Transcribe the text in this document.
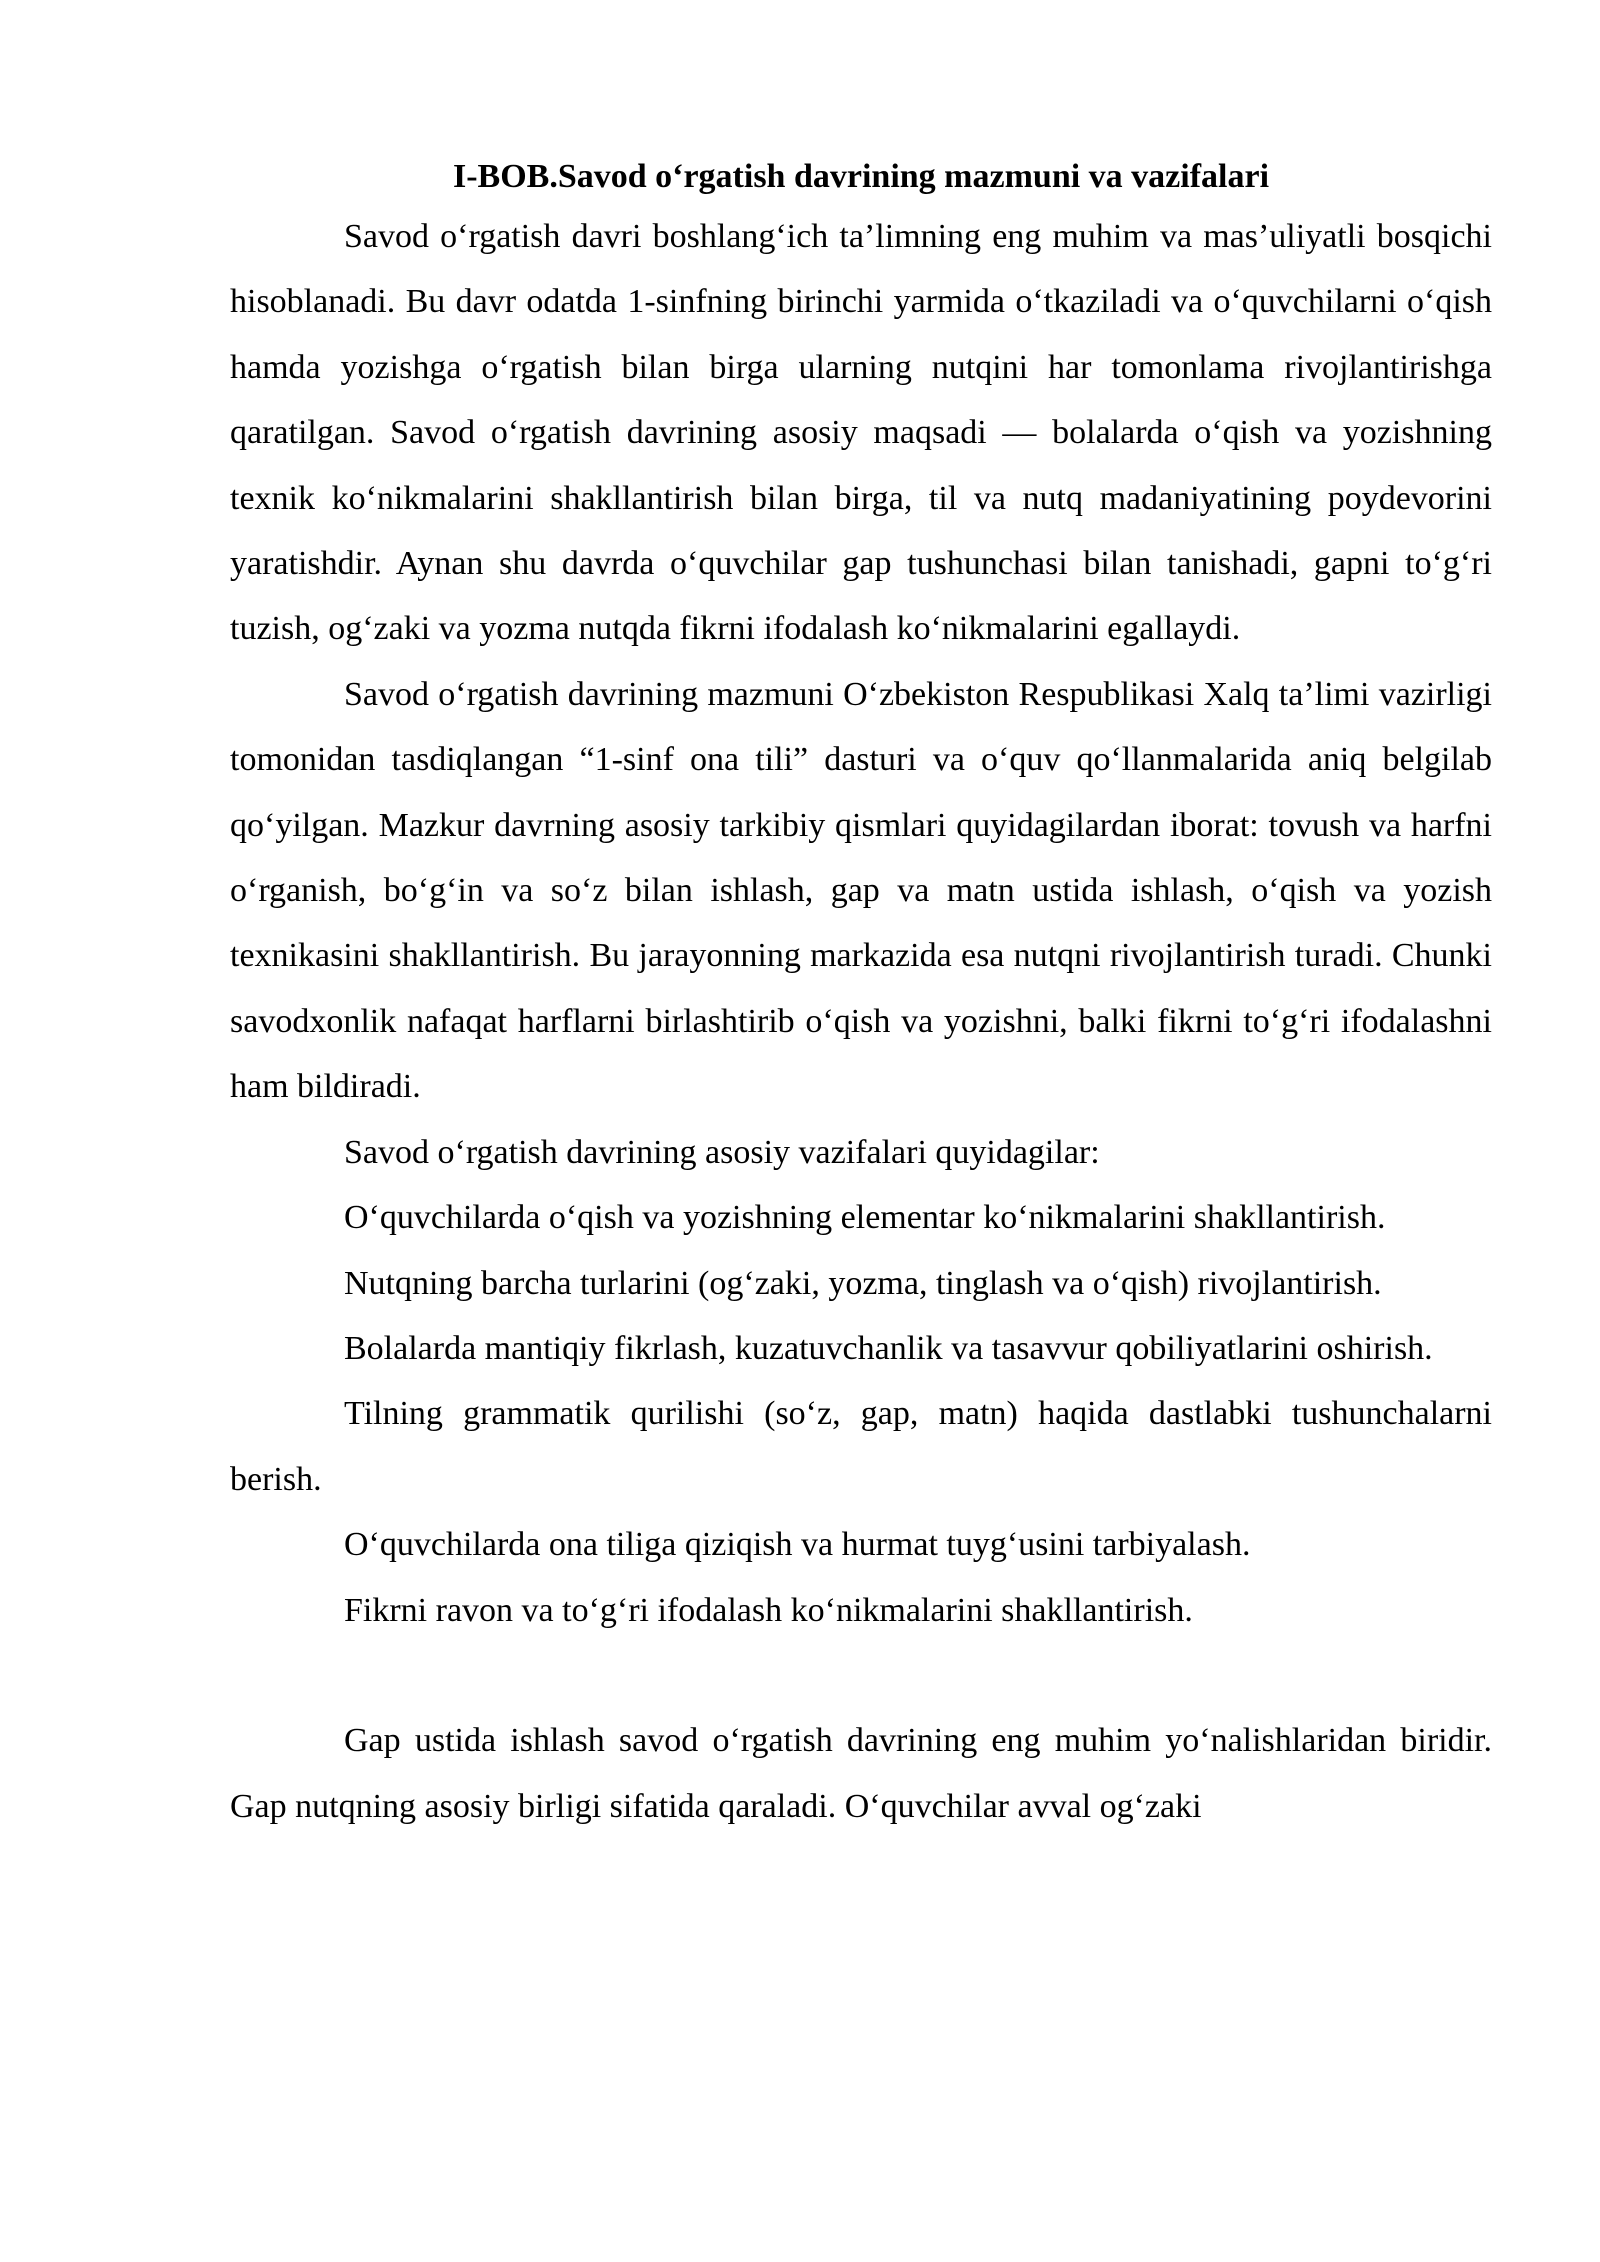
I-BOB.Savod o‘rgatish davrining mazmuni va vazifalari

Savod o‘rgatish davri boshlang‘ich ta’limning eng muhim va mas’uliyatli bosqichi hisoblanadi. Bu davr odatda 1-sinfning birinchi yarmida o‘tkaziladi va o‘quvchilarni o‘qish hamda yozishga o‘rgatish bilan birga ularning nutqini har tomonlama rivojlantirishga qaratilgan. Savod o‘rgatish davrining asosiy maqsadi — bolalarda o‘qish va yozishning texnik ko‘nikmalarini shakllantirish bilan birga, til va nutq madaniyatining poydevorini yaratishdir. Aynan shu davrda o‘quvchilar gap tushunchasi bilan tanishadi, gapni to‘g‘ri tuzish, og‘zaki va yozma nutqda fikrni ifodalash ko‘nikmalarini egallaydi.

Savod o‘rgatish davrining mazmuni O‘zbekiston Respublikasi Xalq ta’limi vazirligi tomonidan tasdiqlangan “1-sinf ona tili” dasturi va o‘quv qo‘llanmalarida aniq belgilab qo‘yilgan. Mazkur davrning asosiy tarkibiy qismlari quyidagilardan iborat: tovush va harfni o‘rganish, bo‘g‘in va so‘z bilan ishlash, gap va matn ustida ishlash, o‘qish va yozish texnikasini shakllantirish. Bu jarayonning markazida esa nutqni rivojlantirish turadi. Chunki savodxonlik nafaqat harflarni birlashtirib o‘qish va yozishni, balki fikrni to‘g‘ri ifodalashni ham bildiradi.

Savod o‘rgatish davrining asosiy vazifalari quyidagilar:

O‘quvchilarda o‘qish va yozishning elementar ko‘nikmalarini shakllantirish.

Nutqning barcha turlarini (og‘zaki, yozma, tinglash va o‘qish) rivojlantirish.

Bolalarda mantiqiy fikrlash, kuzatuvchanlik va tasavvur qobiliyatlarini oshirish.

Tilning grammatik qurilishi (so‘z, gap, matn) haqida dastlabki tushunchalarni berish.

O‘quvchilarda ona tiliga qiziqish va hurmat tuyg‘usini tarbiyalash.

Fikrni ravon va to‘g‘ri ifodalash ko‘nikmalarini shakllantirish.

Gap ustida ishlash savod o‘rgatish davrining eng muhim yo‘nalishlaridan biridir. Gap nutqning asosiy birligi sifatida qaraladi. O‘quvchilar avval og‘zaki
